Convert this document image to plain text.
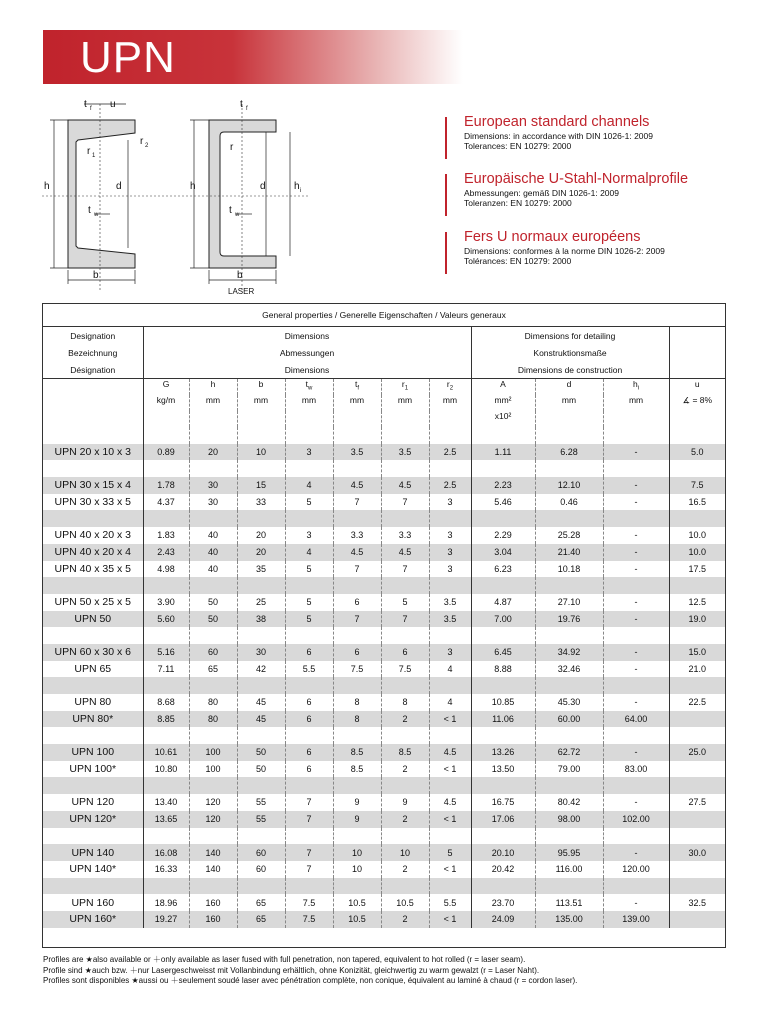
UPN
t f u
r 1
r 2
h	d
t w
b
t f
r
h	d	h i
t w
b
LASER
European standard channels
Dimensions: in accordance with DIN 1026-1: 2009
Tolerances: EN 10279: 2000
Europäische U-Stahl-Normalprofile
Abmessungen: gemäß DIN 1026-1: 2009
Toleranzen: EN 10279: 2000
Fers U normaux européens
Dimensions: conformes à la norme DIN 1026-2: 2009
Tolérances: EN 10279: 2000
General properties / Generelle Eigenschaften / Valeurs generaux
Designation	Dimensions							Dimensions for detailing			
Bezeichnung	Abmessungen							Konstruktionsmaße			
Désignation	Dimensions							Dimensions de construction			
	G	h	b	$t_w$	$t_f$	$r_1$	$r_2$	A	d	$h_i$	u
	kg/m	mm	mm	mm	mm	mm	mm	mm²	mm	mm	∡ = 8%
								x10²			

UPN 20 x 10 x 3	0.89	20	10	3	3.5	3.5	2.5	1.11	6.28	-	5.0

UPN 30 x 15 x 4	1.78	30	15	4	4.5	4.5	2.5	2.23	12.10	-	7.5
UPN 30 x 33 x 5	4.37	30	33	5	7	7	3	5.46	0.46	-	16.5

UPN 40 x 20 x 3	1.83	40	20	3	3.3	3.3	3	2.29	25.28	-	10.0
UPN 40 x 20 x 4	2.43	40	20	4	4.5	4.5	3	3.04	21.40	-	10.0
UPN 40 x 35 x 5	4.98	40	35	5	7	7	3	6.23	10.18	-	17.5

UPN 50 x 25 x 5	3.90	50	25	5	6	5	3.5	4.87	27.10	-	12.5
UPN 50	5.60	50	38	5	7	7	3.5	7.00	19.76	-	19.0

UPN 60 x 30 x 6	5.16	60	30	6	6	6	3	6.45	34.92	-	15.0
UPN 65	7.11	65	42	5.5	7.5	7.5	4	8.88	32.46	-	21.0

UPN 80	8.68	80	45	6	8	8	4	10.85	45.30	-	22.5
UPN 80*	8.85	80	45	6	8	2	< 1	11.06	60.00	64.00	

UPN 100	10.61	100	50	6	8.5	8.5	4.5	13.26	62.72	-	25.0
UPN 100*	10.80	100	50	6	8.5	2	< 1	13.50	79.00	83.00	

UPN 120	13.40	120	55	7	9	9	4.5	16.75	80.42	-	27.5
UPN 120*	13.65	120	55	7	9	2	< 1	17.06	98.00	102.00	

UPN 140	16.08	140	60	7	10	10	5	20.10	95.95	-	30.0
UPN 140*	16.33	140	60	7	10	2	< 1	20.42	116.00	120.00	

UPN 160	18.96	160	65	7.5	10.5	10.5	5.5	23.70	113.51	-	32.5
UPN 160*	19.27	160	65	7.5	10.5	2	< 1	24.09	135.00	139.00	
Profiles are ★also available or ＋only available as laser fused with full penetration, non tapered, equivalent to hot rolled (r = laser seam).
Profile sind ★auch bzw. ＋nur Lasergeschweisst mit Vollanbindung erhältlich, ohne Konizität, gleichwertig zu warm gewalzt (r = Laser Naht).
Profiles sont disponibles ★aussi ou ＋seulement soudé laser avec pénétration complète, non conique, équivalent au laminé à chaud (r = cordon laser).
